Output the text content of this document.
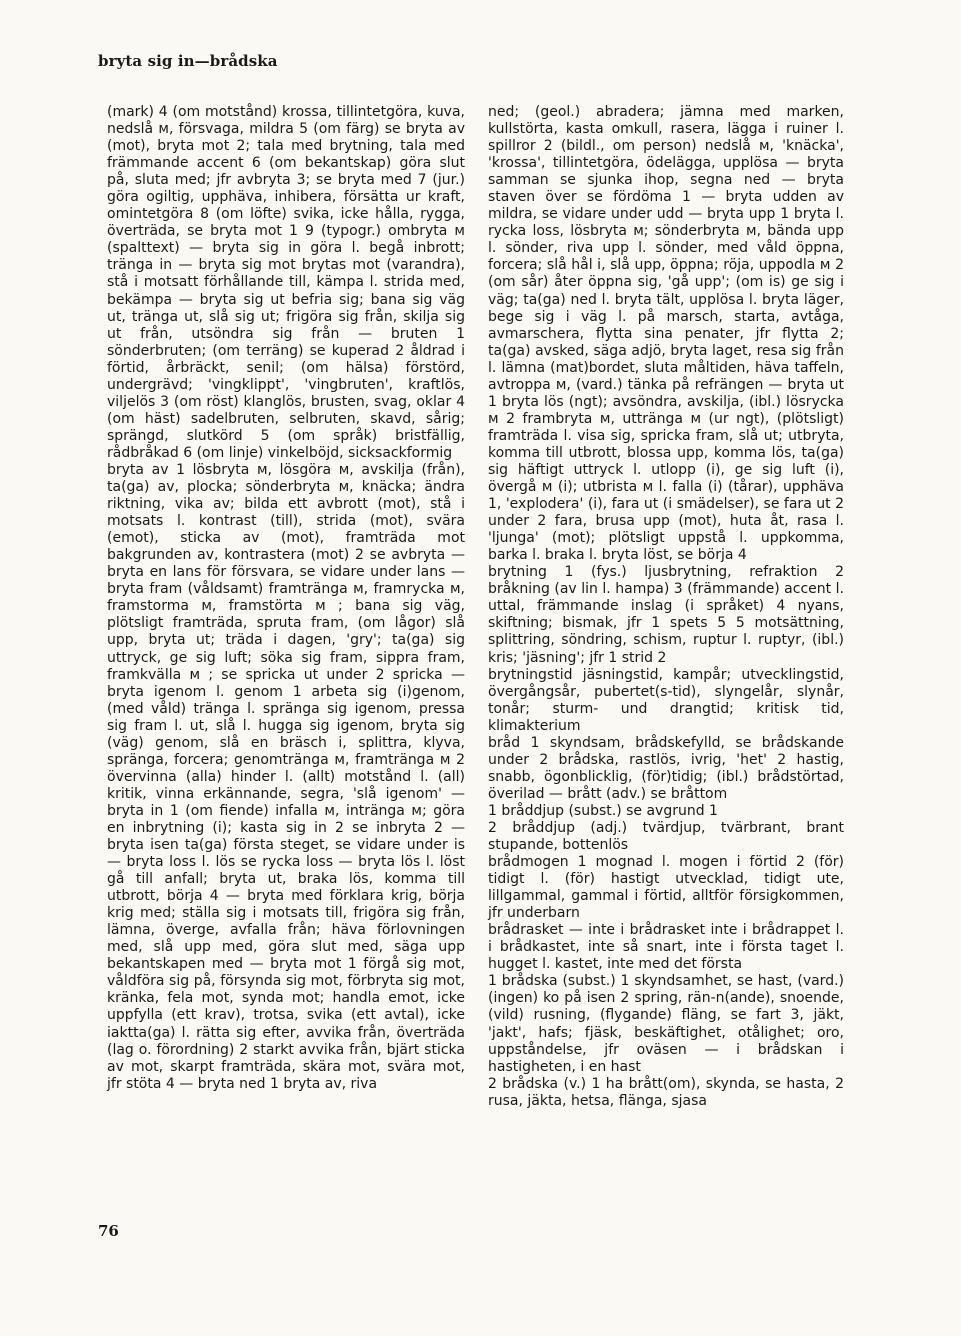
bryta sig in—brådska

(mark) 4 (om motstånd) krossa, tillintetgöra, kuva, nedslå ᴍ, försvaga, mildra 5 (om färg) se bryta av (mot), bryta mot 2; tala med brytning, tala med främmande accent 6 (om bekantskap) göra slut på, sluta med; jfr avbryta 3; se bryta med 7 (jur.) göra ogiltig, upphäva, inhibera, försätta ur kraft, omintetgöra 8 (om löfte) svika, icke hålla, rygga, överträda, se bryta mot 1 9 (typogr.) ombryta ᴍ (spalttext) — bryta sig in göra l. begå inbrott; tränga in — bryta sig mot brytas mot (varandra), stå i motsatt förhållande till, kämpa l. strida med, bekämpa — bryta sig ut befria sig; bana sig väg ut, tränga ut, slå sig ut; frigöra sig från, skilja sig ut från, utsöndra sig från — bruten 1 sönderbruten; (om terräng) se kuperad 2 åldrad i förtid, årbräckt, senil; (om hälsa) förstörd, undergrävd; 'vingklippt', 'vingbruten', kraftlös, viljelös 3 (om röst) klanglös, brusten, svag, oklar 4 (om häst) sadelbruten, selbruten, skavd, sårig; sprängd, slutkörd 5 (om språk) bristfällig, rådbråkad 6 (om linje) vinkelböjd, sicksackformig

bryta av 1 lösbryta ᴍ, lösgöra ᴍ, avskilja (från), ta(ga) av, plocka; sönderbryta ᴍ, knäcka; ändra riktning, vika av; bilda ett avbrott (mot), stå i motsats l. kontrast (till), strida (mot), svära (emot), sticka av (mot), framträda mot bakgrunden av, kontrastera (mot) 2 se avbryta — bryta en lans för försvara, se vidare under lans — bryta fram (våldsamt) framtränga ᴍ, framrycka ᴍ, framstorma ᴍ, framstörta ᴍ ; bana sig väg, plötsligt framträda, spruta fram, (om lågor) slå upp, bryta ut; träda i dagen, 'gry'; ta(ga) sig uttryck, ge sig luft; söka sig fram, sippra fram, framkvälla ᴍ ; se spricka ut under 2 spricka — bryta igenom l. genom 1 arbeta sig (i)genom, (med våld) tränga l. spränga sig igenom, pressa sig fram l. ut, slå l. hugga sig igenom, bryta sig (väg) genom, slå en bräsch i, splittra, klyva, spränga, forcera; genomtränga ᴍ, framtränga ᴍ 2 övervinna (alla) hinder l. (allt) motstånd l. (all) kritik, vinna erkännande, segra, 'slå igenom' — bryta in 1 (om fiende) infalla ᴍ, intränga ᴍ; göra en inbrytning (i); kasta sig in 2 se inbryta 2 — bryta isen ta(ga) första steget, se vidare under is — bryta loss l. lös se rycka loss — bryta lös l. löst gå till anfall; bryta ut, braka lös, komma till utbrott, börja 4 — bryta med förklara krig, börja krig med; ställa sig i motsats till, frigöra sig från, lämna, överge, avfalla från; häva förlovningen med, slå upp med, göra slut med, säga upp bekantskapen med — bryta mot 1 förgå sig mot, våldföra sig på, försyndа sig mot, förbryta sig mot, kränka, fela mot, synda mot; handla emot, icke uppfylla (ett krav), trotsa, svika (ett avtal), icke iakttа(ga) l. rätta sig efter, avvika från, överträda (lag o. förordning) 2 starkt avvika från, bjärt sticka av mot, skarpt framträda, skära mot, svära mot, jfr stöta 4 — bryta ned 1 bryta av, riva

ned; (geol.) abradera; jämna med marken, kullstörta, kasta omkull, rasera, lägga i ruiner l. spillror 2 (bildl., om person) nedslå ᴍ, 'knäcka', 'krossa', tillintetgöra, ödelägga, upplösa — bryta samman se sjunka ihop, segna ned — bryta staven över se fördöma 1 — bryta udden av mildra, se vidare under udd — bryta upp 1 bryta l. rycka loss, lösbryta ᴍ; sönderbryta ᴍ, bända upp l. sönder, riva upp l. sönder, med våld öppna, forcera; slå hål i, slå upp, öppna; röja, uppodla ᴍ 2 (om sår) åter öppna sig, 'gå upp'; (om is) ge sig i väg; ta(ga) ned l. bryta tält, upplösa l. bryta läger, bege sig i väg l. på marsch, starta, avtåga, avmarschera, flytta sina penater, jfr flytta 2; ta(ga) avsked, säga adjö, bryta laget, resa sig från l. lämna (mat)bordet, sluta måltiden, häva taffeln, avtroppa ᴍ, (vard.) tänka på refrängen — bryta ut 1 bryta lös (ngt); avsöndra, avskilja, (ibl.) lösrycka ᴍ 2 frambryta ᴍ, uttränga ᴍ (ur ngt), (plötsligt) framträda l. visa sig, spricka fram, slå ut; utbryta, komma till utbrott, blossa upp, komma lös, ta(ga) sig häftigt uttryck l. utlopp (i), ge sig luft (i), övergå ᴍ (i); utbrista ᴍ l. falla (i) (tårar), upphäva 1, 'explodera' (i), fara ut (i smädelser), se fara ut 2 under 2 fara, brusa upp (mot), huta åt, rasa l. 'ljunga' (mot); plötsligt uppstå l. uppkomma, barka l. braka l. bryta löst, se börja 4

brytning 1 (fys.) ljusbrytning, refraktion 2 bråkning (av lin l. hampa) 3 (främmande) accent l. uttal, främmande inslag (i språket) 4 nyans, skiftning; bismak, jfr 1 spets 5 5 motsättning, splittring, söndring, schism, ruptur l. ruptyr, (ibl.) kris; 'jäsning'; jfr 1 strid 2

brytningstid jäsningstid, kampår; utvecklingstid, övergångsår, pubertet(s-tid), slyngelår, slynår, tonår; sturm- und drangtid; kritisk tid, klimakterium

bråd 1 skyndsam, brådskefylld, se brådskande under 2 brådska, rastlös, ivrig, 'het' 2 hastig, snabb, ögonblicklig, (för)tidig; (ibl.) brådstörtad, överilad — brått (adv.) se bråttom

1 bråddjup (subst.) se avgrund 1

2 bråddjup (adj.) tvärdjup, tvärbrant, brant stupande, bottenlös

brådmogen 1 mognad l. mogen i förtid 2 (för) tidigt l. (för) hastigt utvecklad, tidigt ute, lillgammal, gammal i förtid, alltför försigkommen, jfr underbarn

brådrasket — inte i brådrasket inte i brådrappet l. i brådkastet, inte så snart, inte i första taget l. hugget l. kastet, inte med det första

1 brådska (subst.) 1 skyndsamhet, se hast, (vard.) (ingen) ko på isen 2 spring, rän-n(ande), snoende, (vild) rusning, (flygande) fläng, se fart 3, jäkt, 'jakt', hafs; fjäsk, beskäftighet, otålighet; oro, uppståndelse, jfr oväsen — i brådskan i hastigheten, i en hast

2 brådska (v.) 1 ha brått(om), skynda, se hasta, 2 rusa, jäkta, hetsa, flänga, sjasa

76
